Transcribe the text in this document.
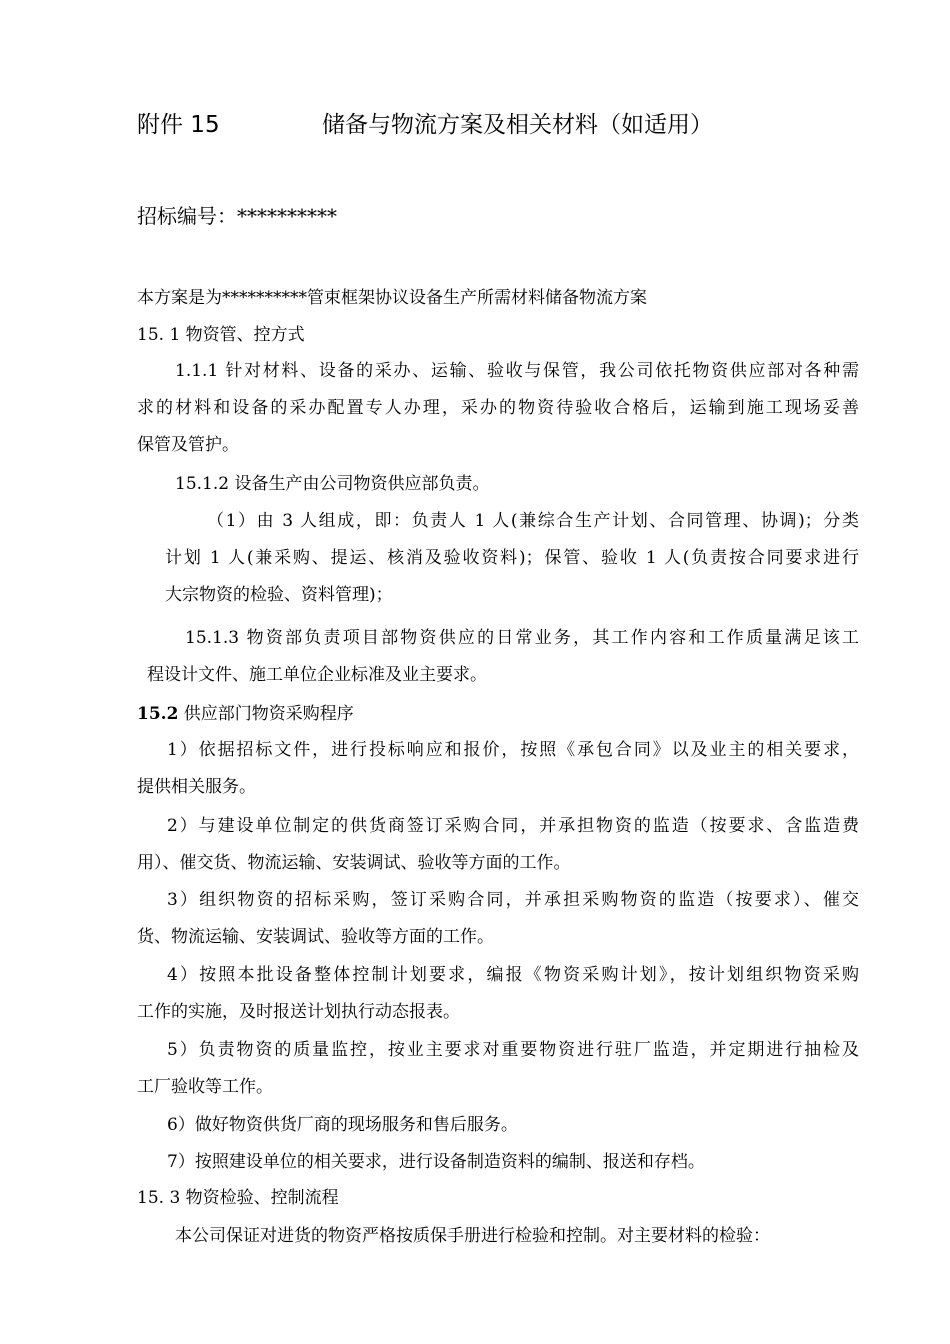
附件 15	储备与物流方案及相关材料（如适用）
招标编号：**********
本方案是为**********管束框架协议设备生产所需材料储备物流方案
15. 1 物资管、控方式
1.1.1 针对材料、设备的采办、运输、验收与保管，我公司依托物资供应部对各种需
求的材料和设备的采办配置专人办理，采办的物资待验收合格后，运输到施工现场妥善
保管及管护。
15.1.2 设备生产由公司物资供应部负责。
（1）由 3 人组成，即：负责人 1 人(兼综合生产计划、合同管理、协调)；分类
计划 1 人(兼采购、提运、核消及验收资料)；保管、验收 1 人(负责按合同要求进行
大宗物资的检验、资料管理)；
15.1.3 物资部负责项目部物资供应的日常业务，其工作内容和工作质量满足该工
程设计文件、施工单位企业标准及业主要求。
15.2 供应部门物资采购程序
1）依据招标文件，进行投标响应和报价，按照《承包合同》以及业主的相关要求，
提供相关服务。
2）与建设单位制定的供货商签订采购合同，并承担物资的监造（按要求、含监造费
用）、催交货、物流运输、安装调试、验收等方面的工作。
3）组织物资的招标采购，签订采购合同，并承担采购物资的监造（按要求）、催交
货、物流运输、安装调试、验收等方面的工作。
4）按照本批设备整体控制计划要求，编报《物资采购计划》，按计划组织物资采购
工作的实施，及时报送计划执行动态报表。
5）负责物资的质量监控，按业主要求对重要物资进行驻厂监造，并定期进行抽检及
工厂验收等工作。
6）做好物资供货厂商的现场服务和售后服务。
7）按照建设单位的相关要求，进行设备制造资料的编制、报送和存档。
15. 3 物资检验、控制流程
本公司保证对进货的物资严格按质保手册进行检验和控制。对主要材料的检验：
